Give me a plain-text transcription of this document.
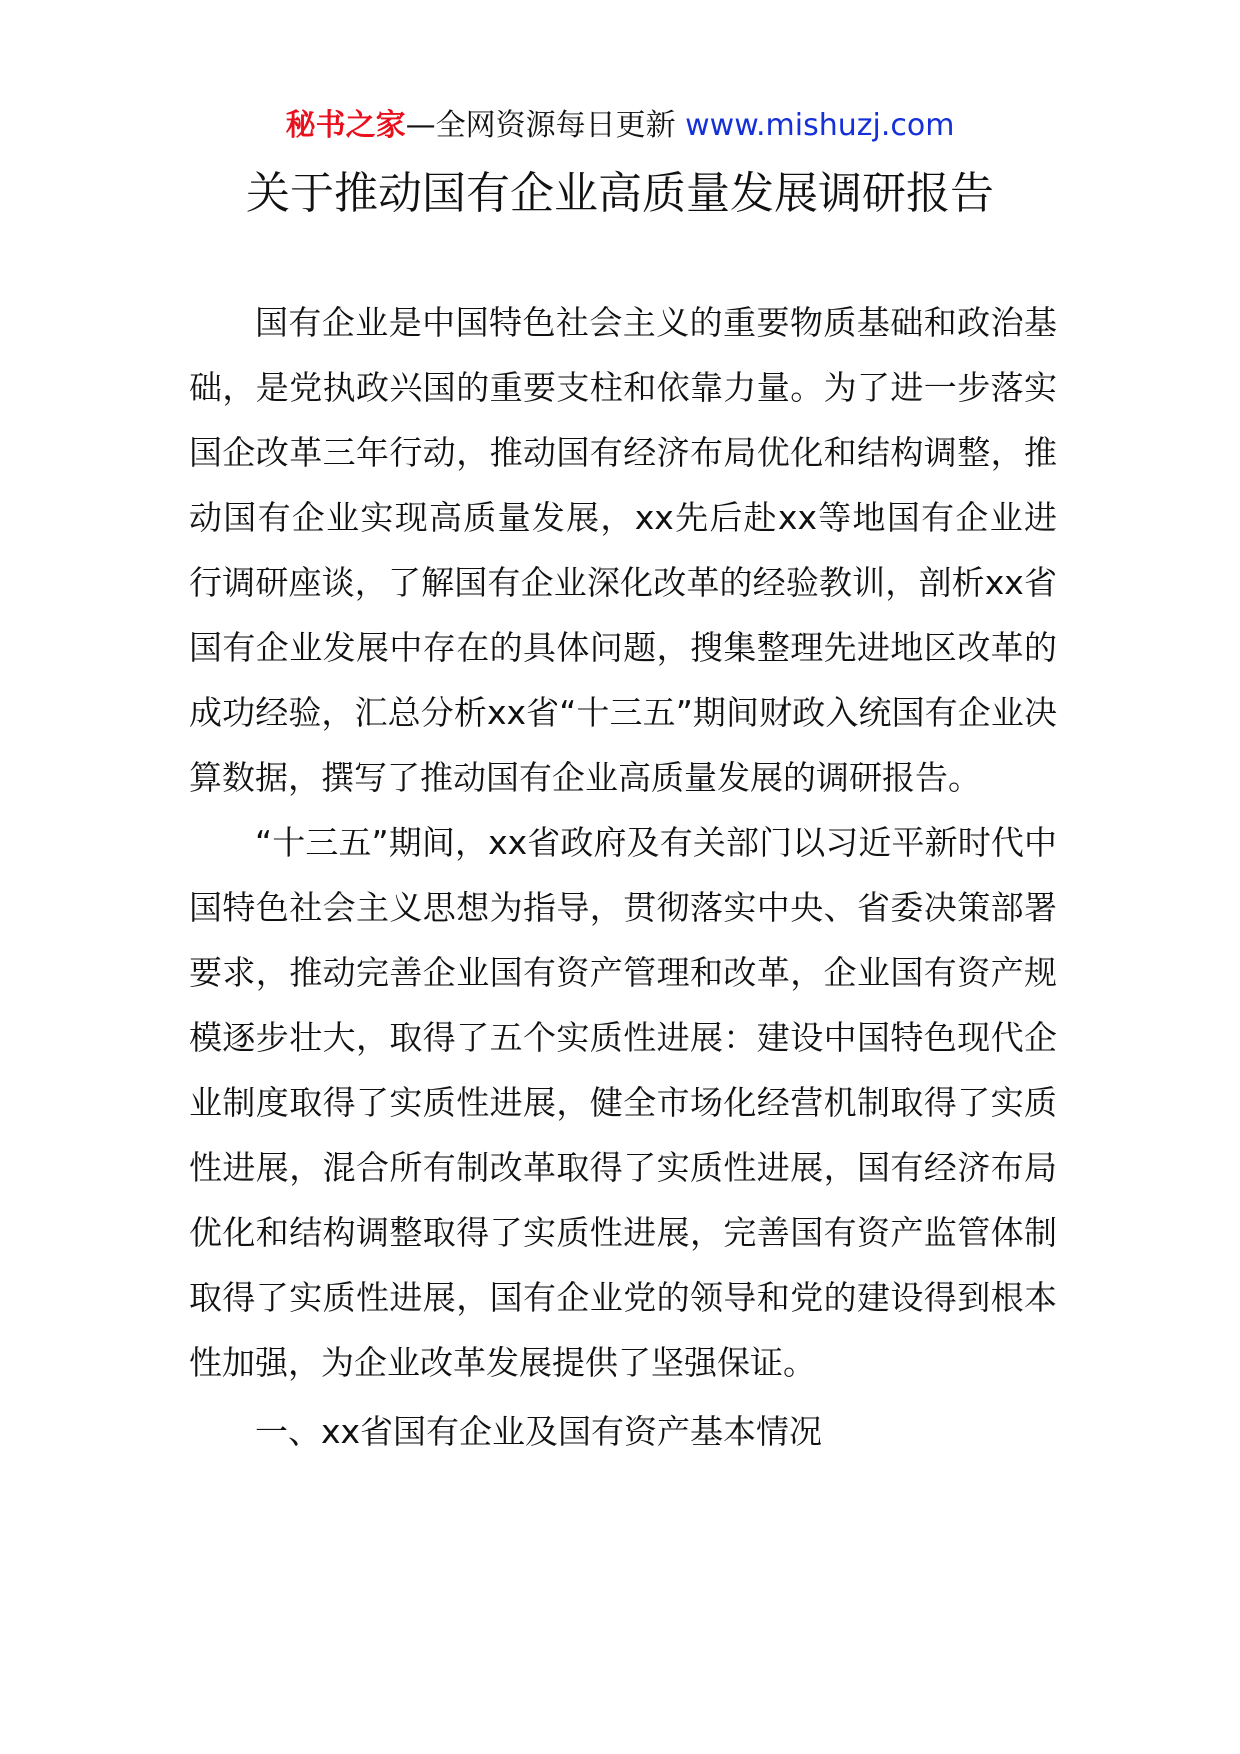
秘书之家—全网资源每日更新 www.mishuzj.com
关于推动国有企业高质量发展调研报告

国有企业是中国特色社会主义的重要物质基础和政治基础，是党执政兴国的重要支柱和依靠力量。为了进一步落实国企改革三年行动，推动国有经济布局优化和结构调整，推动国有企业实现高质量发展，xx先后赴xx等地国有企业进行调研座谈，了解国有企业深化改革的经验教训，剖析xx省国有企业发展中存在的具体问题，搜集整理先进地区改革的成功经验，汇总分析xx省“十三五”期间财政入统国有企业决算数据，撰写了推动国有企业高质量发展的调研报告。

“十三五”期间，xx省政府及有关部门以习近平新时代中国特色社会主义思想为指导，贯彻落实中央、省委决策部署要求，推动完善企业国有资产管理和改革，企业国有资产规模逐步壮大，取得了五个实质性进展：建设中国特色现代企业制度取得了实质性进展，健全市场化经营机制取得了实质性进展，混合所有制改革取得了实质性进展，国有经济布局优化和结构调整取得了实质性进展，完善国有资产监管体制取得了实质性进展，国有企业党的领导和党的建设得到根本性加强，为企业改革发展提供了坚强保证。

一、xx省国有企业及国有资产基本情况
